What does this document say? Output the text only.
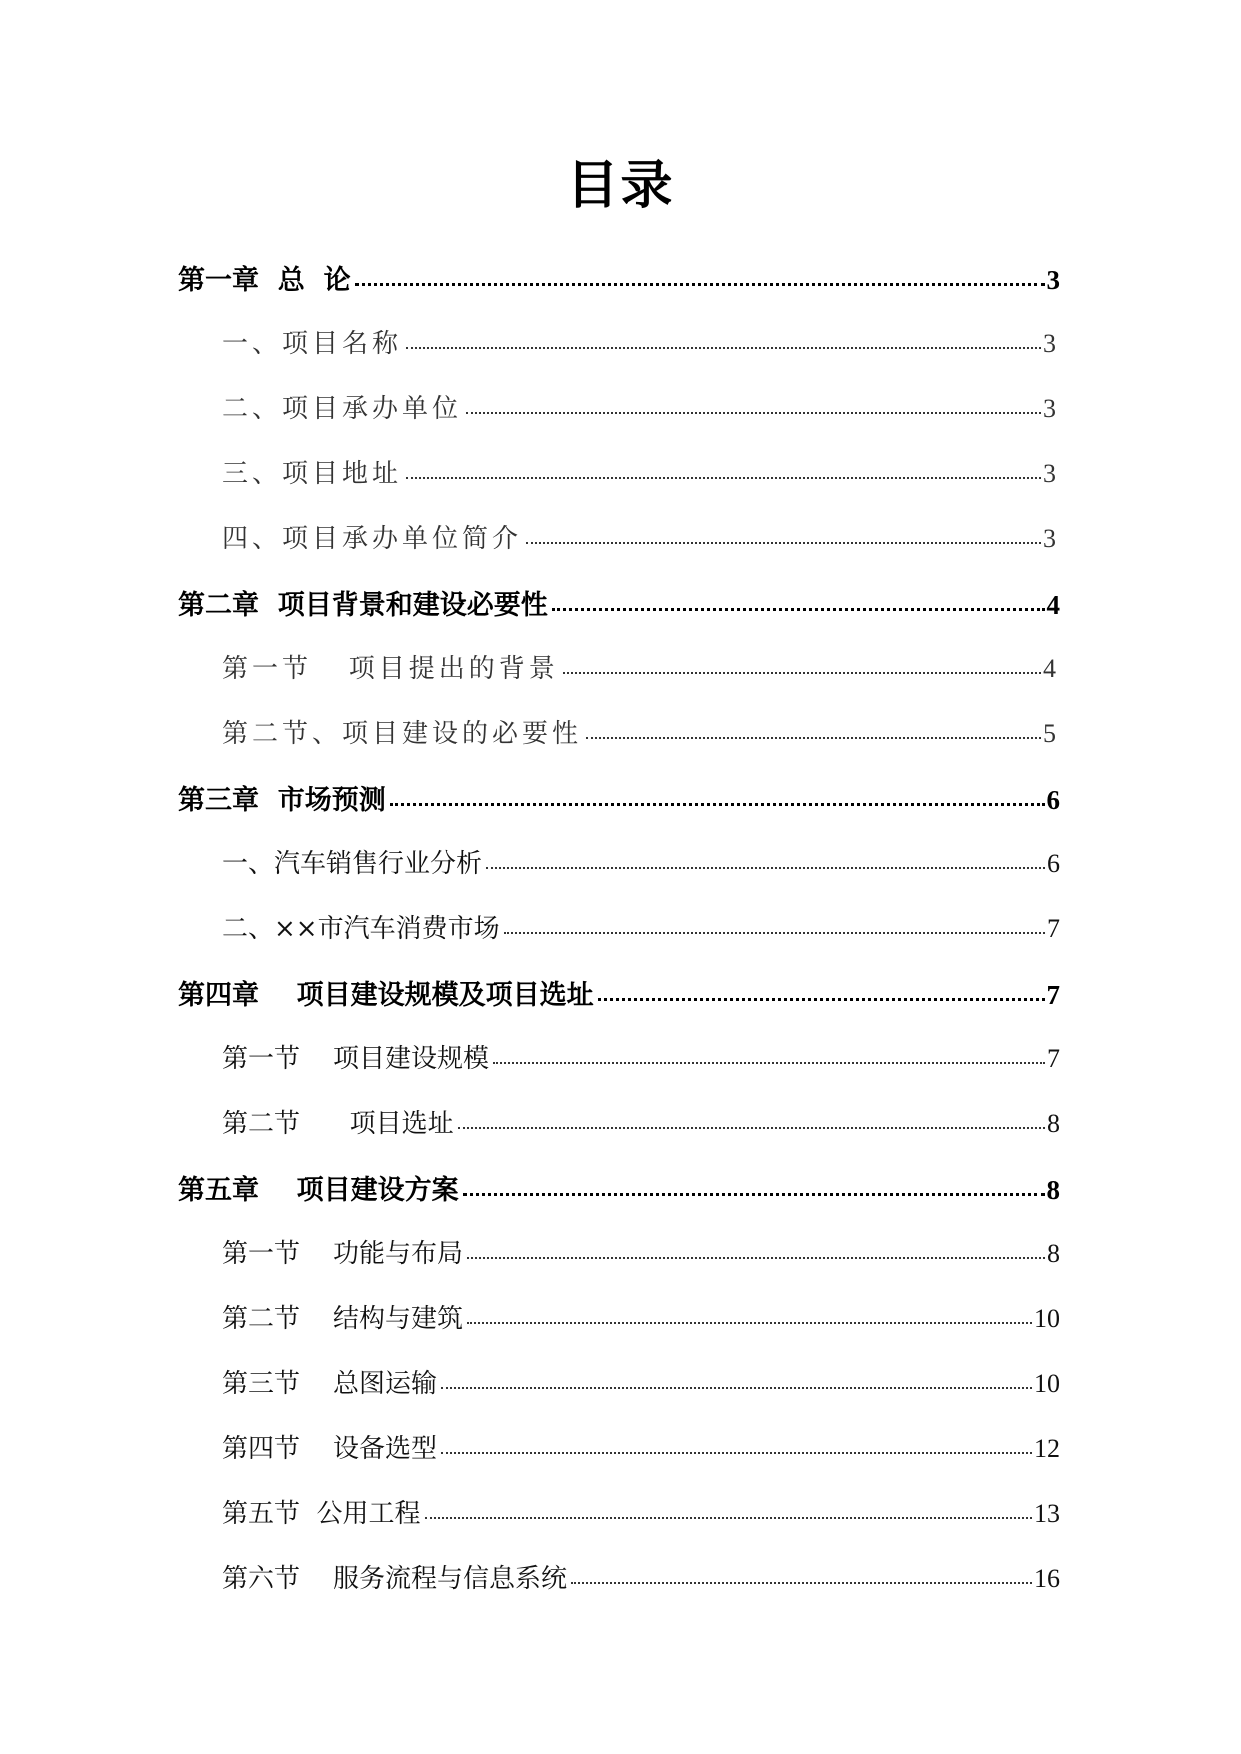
目录
第一章  总  论	3
一、项目名称	3
二、项目承办单位	3
三、项目地址	3
四、项目承办单位简介	3
第二章  项目背景和建设必要性	4
第一节   项目提出的背景	4
第二节、项目建设的必要性	5
第三章  市场预测	6
一、汽车销售行业分析	6
二、××市汽车消费市场	7
第四章    项目建设规模及项目选址	7
第一节    项目建设规模	7
第二节      项目选址	8
第五章    项目建设方案	8
第一节    功能与布局	8
第二节    结构与建筑	10
第三节    总图运输	10
第四节    设备选型	12
第五节  公用工程	13
第六节    服务流程与信息系统	16
